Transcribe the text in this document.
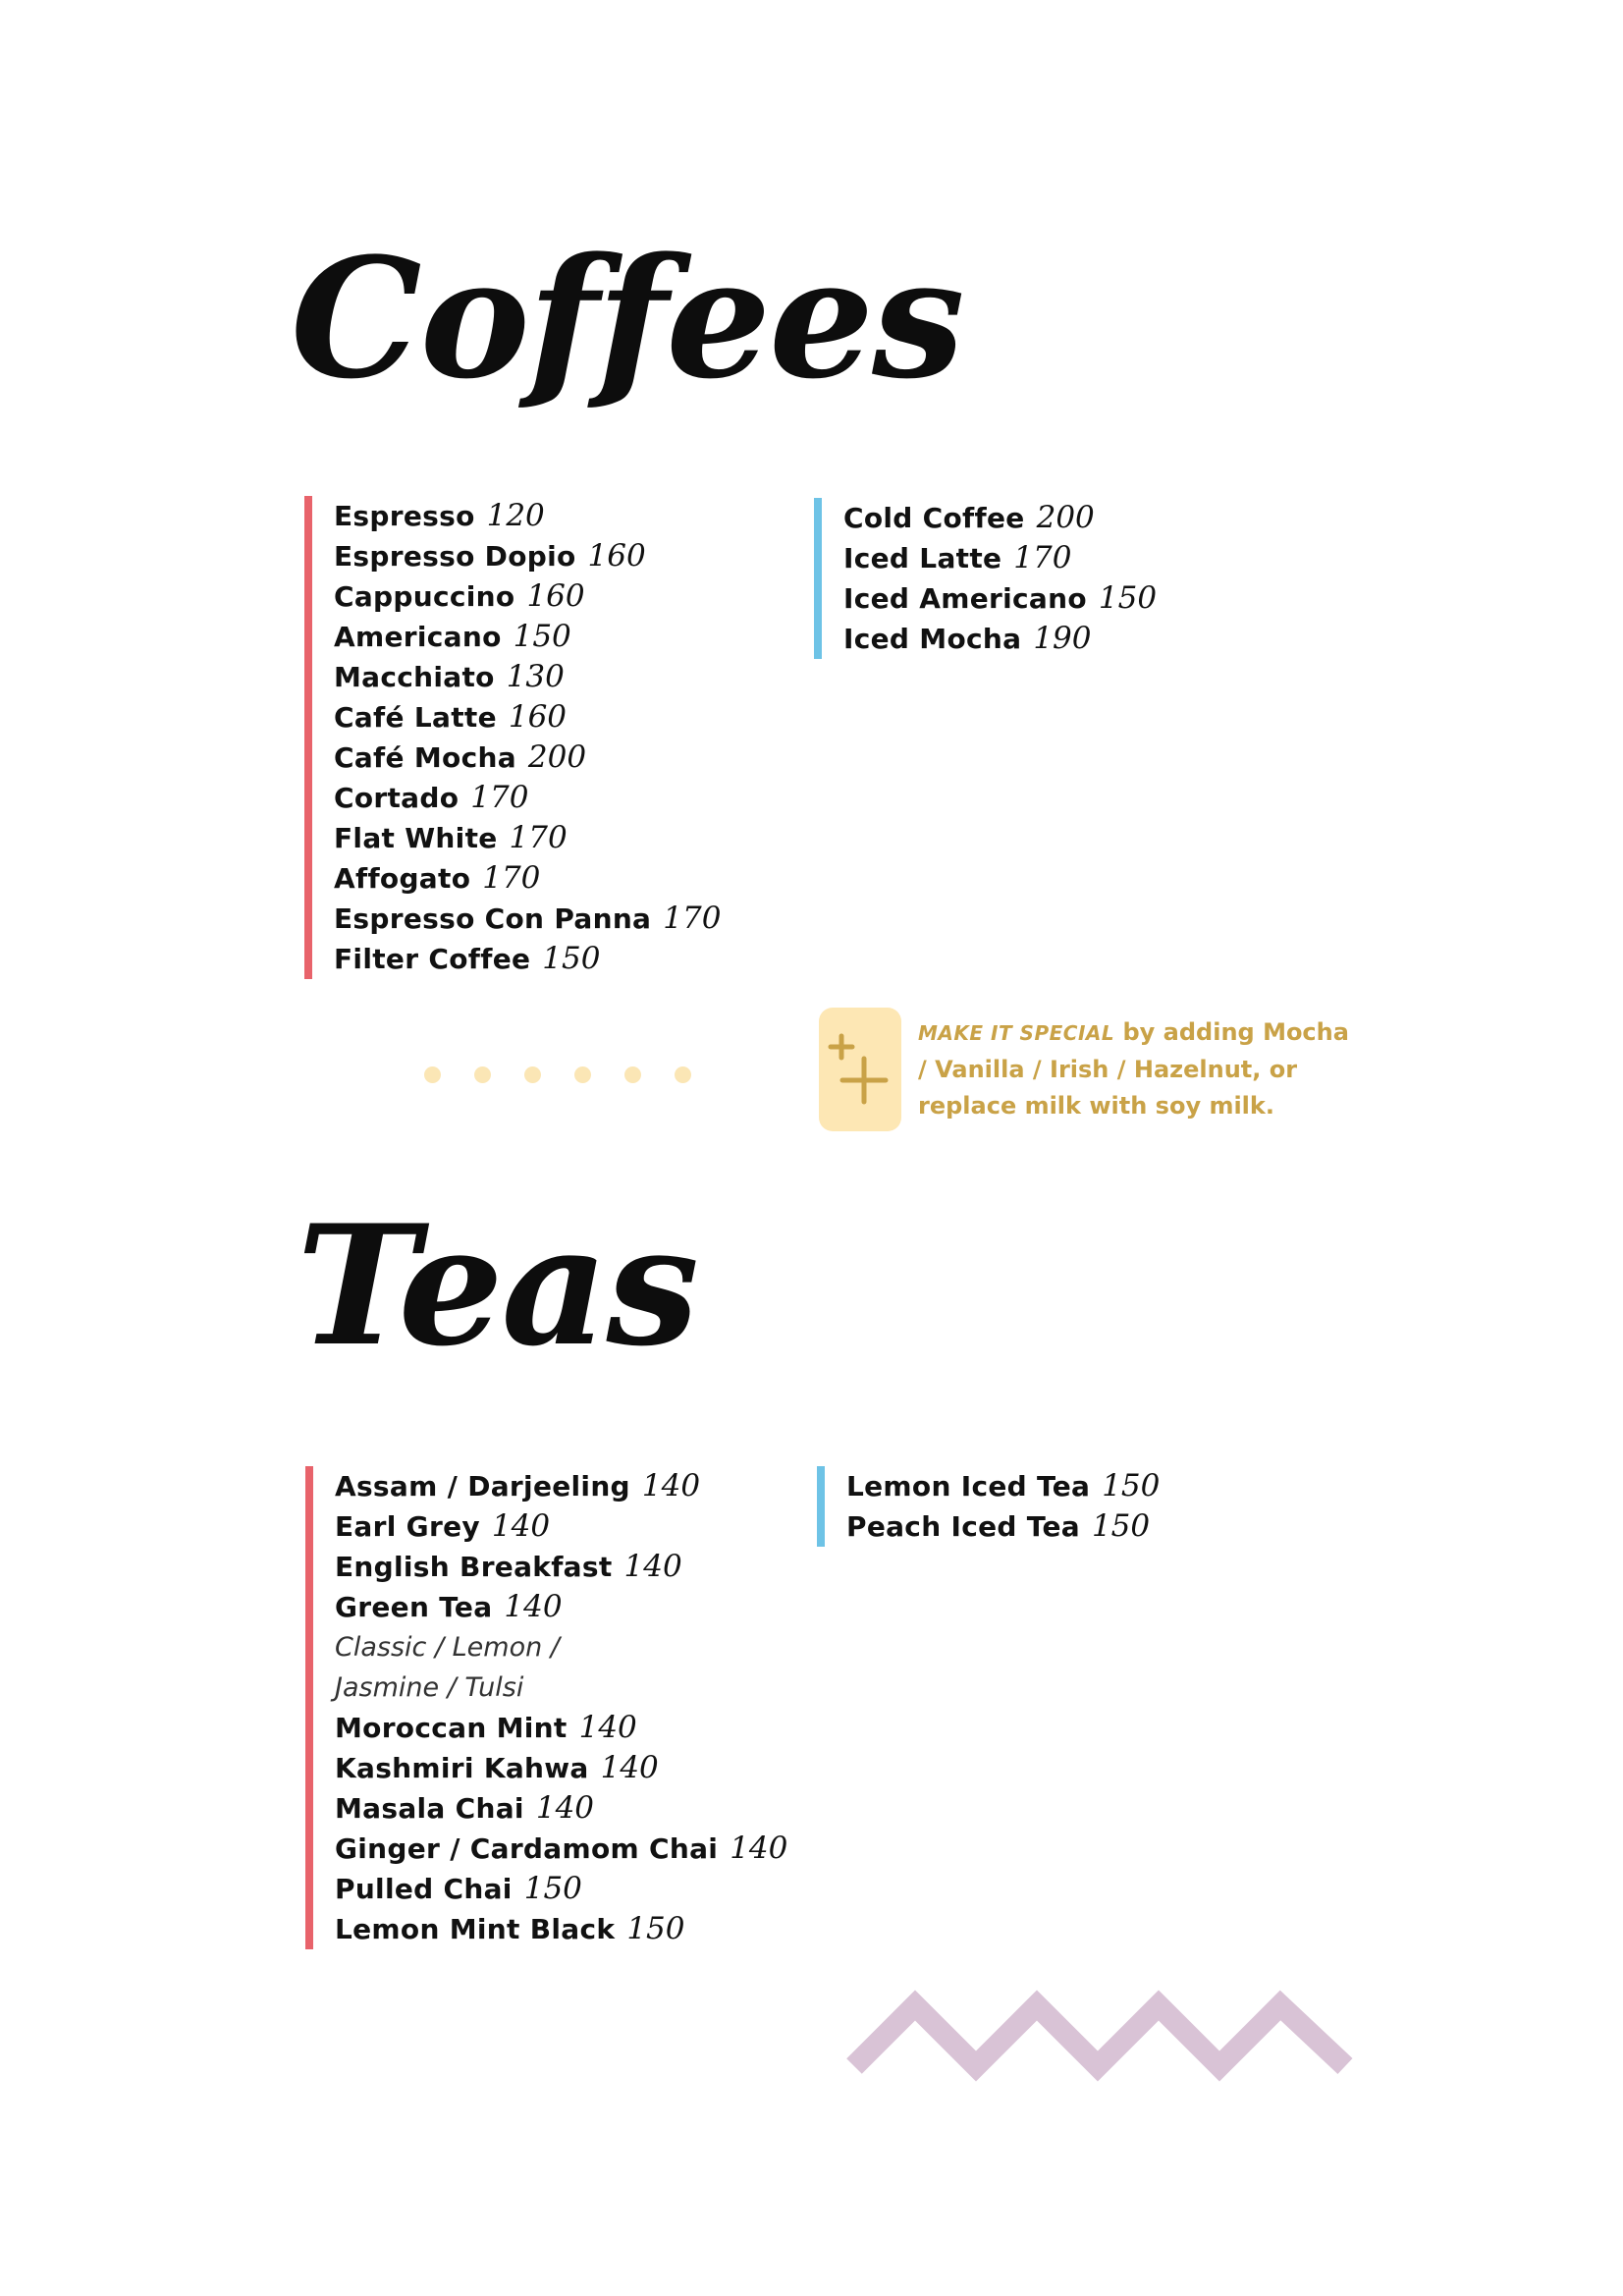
Coffees
Espresso 120
Espresso Dopio 160
Cappuccino 160
Americano 150
Macchiato 130
Café Latte 160
Café Mocha 200
Cortado 170
Flat White 170
Affogato 170
Espresso Con Panna 170
Filter Coffee 150
Cold Coffee 200
Iced Latte 170
Iced Americano 150
Iced Mocha 190
MAKE IT SPECIAL by adding Mocha / Vanilla / Irish / Hazelnut, or replace milk with soy milk.
Teas
Assam / Darjeeling 140
Earl Grey 140
English Breakfast 140
Green Tea 140
Classic / Lemon /
Jasmine / Tulsi
Moroccan Mint 140
Kashmiri Kahwa 140
Masala Chai 140
Ginger / Cardamom Chai 140
Pulled Chai 150
Lemon Mint Black 150
Lemon Iced Tea 150
Peach Iced Tea 150
